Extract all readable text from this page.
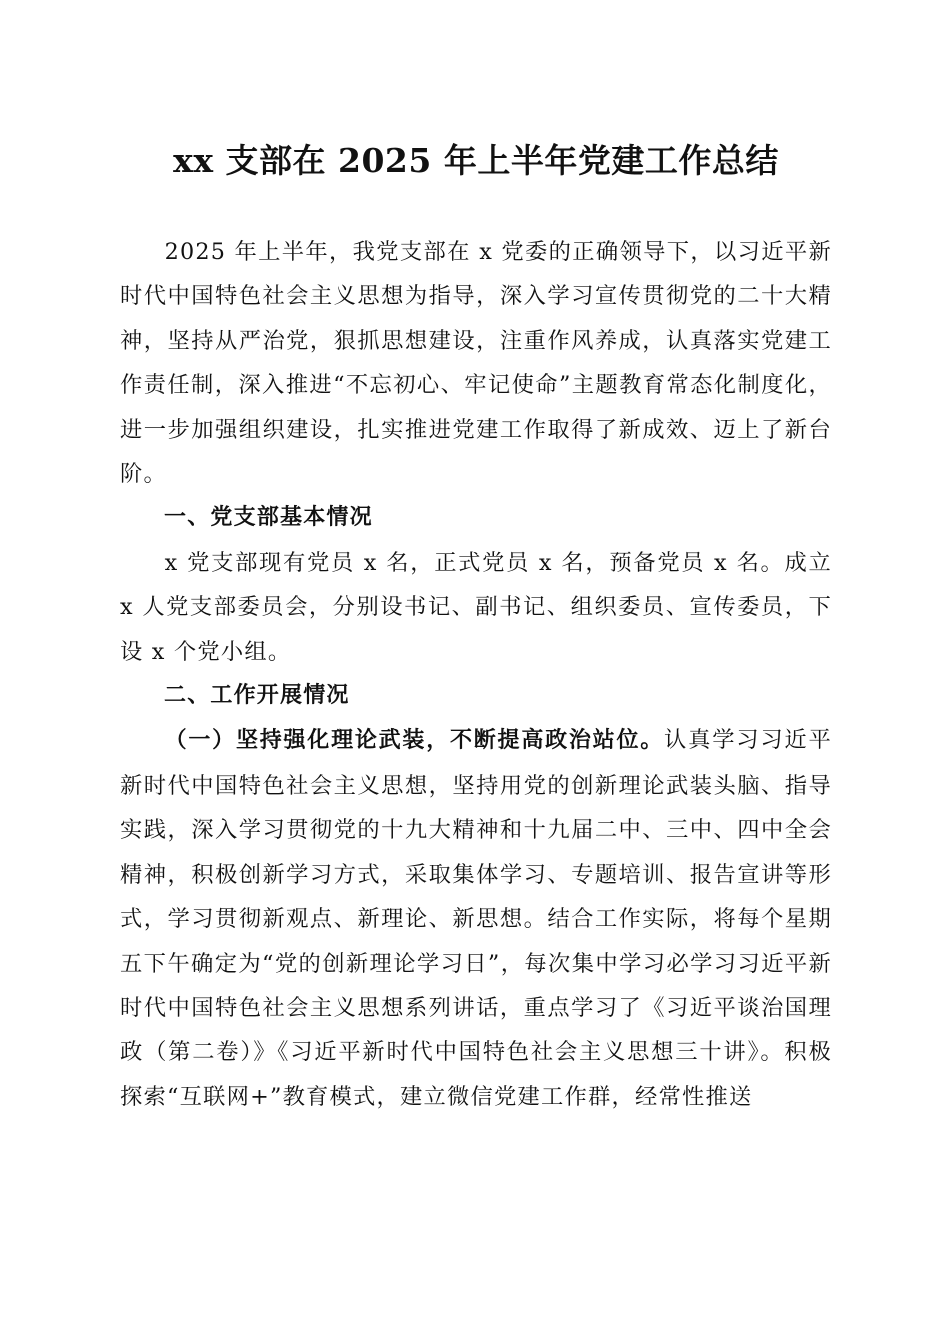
xx 支部在 2025 年上半年党建工作总结

2025 年上半年，我党支部在 x 党委的正确领导下，以习近平新时代中国特色社会主义思想为指导，深入学习宣传贯彻党的二十大精神，坚持从严治党，狠抓思想建设，注重作风养成，认真落实党建工作责任制，深入推进“不忘初心、牢记使命”主题教育常态化制度化，进一步加强组织建设，扎实推进党建工作取得了新成效、迈上了新台阶。

一、党支部基本情况

x 党支部现有党员 x 名，正式党员 x 名，预备党员 x 名。成立 x 人党支部委员会，分别设书记、副书记、组织委员、宣传委员，下设 x 个党小组。

二、工作开展情况

（一）坚持强化理论武装，不断提高政治站位。认真学习习近平新时代中国特色社会主义思想，坚持用党的创新理论武装头脑、指导实践，深入学习贯彻党的十九大精神和十九届二中、三中、四中全会精神，积极创新学习方式，采取集体学习、专题培训、报告宣讲等形式，学习贯彻新观点、新理论、新思想。结合工作实际，将每个星期五下午确定为“党的创新理论学习日”，每次集中学习必学习习近平新时代中国特色社会主义思想系列讲话，重点学习了《习近平谈治国理政（第二卷）》《习近平新时代中国特色社会主义思想三十讲》。积极探索“互联网+”教育模式，建立微信党建工作群，经常性推送
